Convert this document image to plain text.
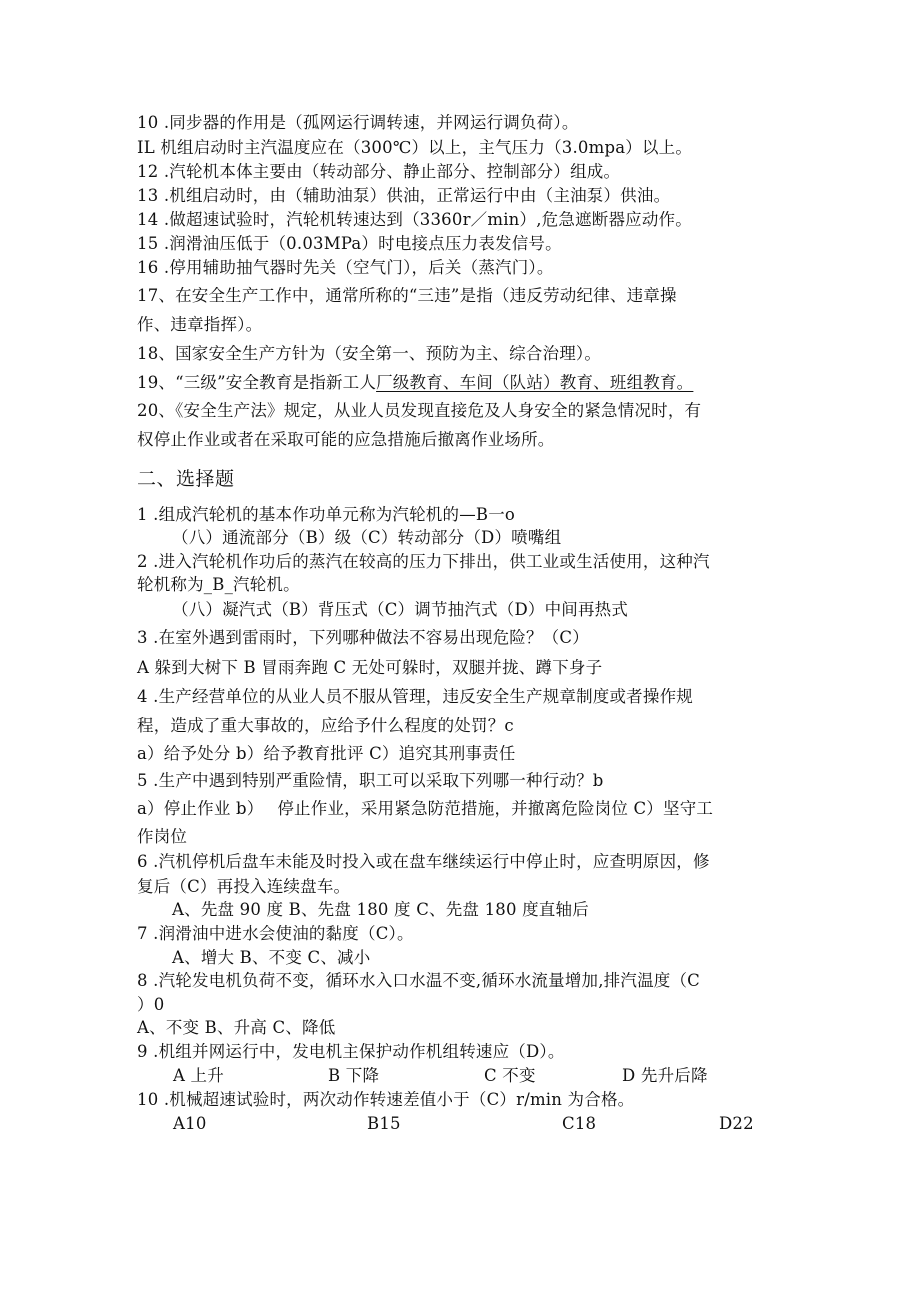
10 .同步器的作用是（孤网运行调转速，并网运行调负荷）。
IL 机组启动时主汽温度应在（300℃）以上，主气压力（3.0mpa）以上。
12 .汽轮机本体主要由（转动部分、静止部分、控制部分）组成。
13 .机组启动时，由（辅助油泵）供油，正常运行中由（主油泵）供油。
14 .做超速试验时，汽轮机转速达到（3360r／min）,危急遮断器应动作。
15 .润滑油压低于（0.03MPa）时电接点压力表发信号。
16 .停用辅助抽气器时先关（空气门），后关（蒸汽门）。
17、在安全生产工作中，通常所称的“三违”是指（违反劳动纪律、违章操
作、违章指挥）。
18、国家安全生产方针为（安全第一、预防为主、综合治理）。
19、“三级”安全教育是指新工人厂级教育、车间（队站）教育、班组教育。
20、《安全生产法》规定，从业人员发现直接危及人身安全的紧急情况时，有
权停止作业或者在采取可能的应急措施后撤离作业场所。
二、选择题
1 .组成汽轮机的基本作功单元称为汽轮机的—B一o
（八）通流部分（B）级（C）转动部分（D）喷嘴组
2 .进入汽轮机作功后的蒸汽在较高的压力下排出，供工业或生活使用，这种汽
轮机称为_B_汽轮机。
（八）凝汽式（B）背压式（C）调节抽汽式（D）中间再热式
3 .在室外遇到雷雨时，下列哪种做法不容易出现危险？（C）
A 躲到大树下 B 冒雨奔跑 C 无处可躲时，双腿并拢、蹲下身子
4 .生产经营单位的从业人员不服从管理，违反安全生产规章制度或者操作规
程，造成了重大事故的，应给予什么程度的处罚？c
a）给予处分 b）给予教育批评 C）追究其刑事责任
5 .生产中遇到特别严重险情，职工可以采取下列哪一种行动？b
a）停止作业 b）　 停止作业，采用紧急防范措施，并撤离危险岗位 C）坚守工
作岗位
6 .汽机停机后盘车未能及时投入或在盘车继续运行中停止时，应查明原因，修
复后（C）再投入连续盘车。
A、先盘 90 度 B、先盘 180 度 C、先盘 180 度直轴后
7 .润滑油中进水会使油的黏度（C）。
A、增大 B、不变 C、减小
8 .汽轮发电机负荷不变，循环水入口水温不变,循环水流量增加,排汽温度（C
）0
A、不变 B、升高 C、降低
9 .机组并网运行中，发电机主保护动作机组转速应（D）。
A 上升	B 下降	C 不变	D 先升后降
10 .机械超速试验时，两次动作转速差值小于（C）r/min 为合格。
A10	B15	C18	D22
